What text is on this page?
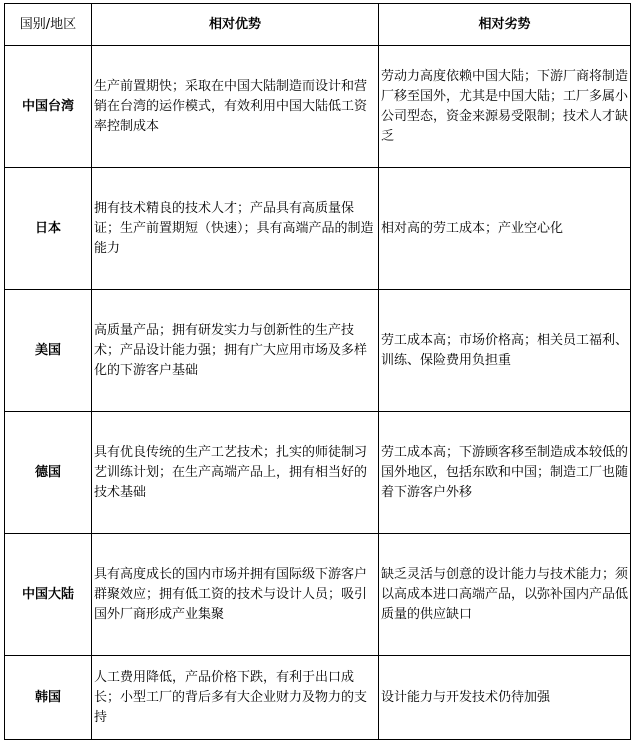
国别/地区	相对优势	相对劣势
中国台湾	生产前置期快；采取在中国大陆制造而设计和营销在台湾的运作模式，有效利用中国大陆低工资率控制成本	劳动力高度依赖中国大陆；下游厂商将制造厂移至国外，尤其是中国大陆；工厂多属小公司型态，资金来源易受限制；技术人才缺乏
日本	拥有技术精良的技术人才；产品具有高质量保证；生产前置期短（快速）；具有高端产品的制造能力	相对高的劳工成本；产业空心化
美国	高质量产品；拥有研发实力与创新性的生产技术；产品设计能力强；拥有广大应用市场及多样化的下游客户基础	劳工成本高；市场价格高；相关员工福利、训练、保险费用负担重
德国	具有优良传统的生产工艺技术；扎实的师徒制习艺训练计划；在生产高端产品上，拥有相当好的技术基础	劳工成本高；下游顾客移至制造成本较低的国外地区，包括东欧和中国；制造工厂也随着下游客户外移
中国大陆	具有高度成长的国内市场并拥有国际级下游客户群聚效应；拥有低工资的技术与设计人员；吸引国外厂商形成产业集聚	缺乏灵活与创意的设计能力与技术能力；须以高成本进口高端产品，以弥补国内产品低质量的供应缺口
韩国	人工费用降低，产品价格下跌，有利于出口成长；小型工厂的背后多有大企业财力及物力的支持	设计能力与开发技术仍待加强
